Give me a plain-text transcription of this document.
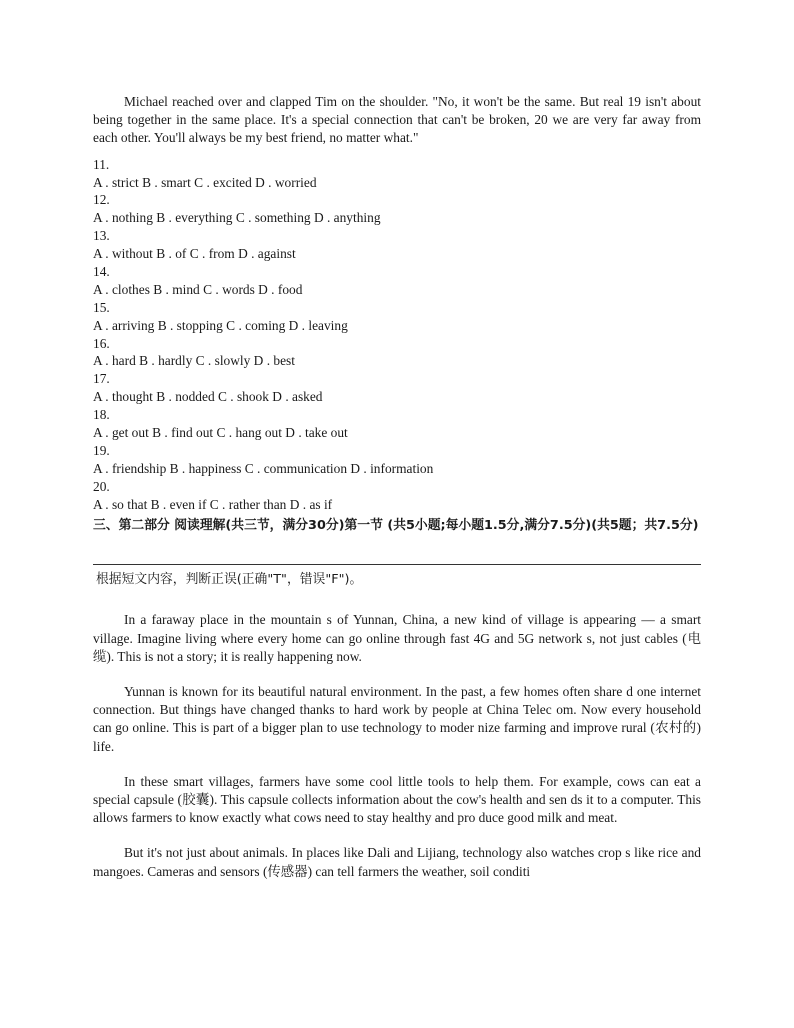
Michael reached over and clapped Tim on the shoulder. "No, it won't be the same. But real 19 isn't about being together in the same place. It's a special connection that can't be broken, 20 we are very far away from each other. You'll always be my best friend, no matter what."

11.
A . strict B . smart C . excited D . worried
12.
A . nothing B . everything C . something D . anything
13.
A . without B . of C . from D . against
14.
A . clothes B . mind C . words D . food
15.
A . arriving B . stopping C . coming D . leaving
16.
A . hard B . hardly C . slowly D . best
17.
A . thought B . nodded C . shook D . asked
18.
A . get out B . find out C . hang out D . take out
19.
A . friendship B . happiness C . communication D . information
20.
A . so that B . even if C . rather than D . as if

三、第二部分 阅读理解(共三节，满分30分)第一节 (共5小题;每小题1.5分,满分7.5分)(共5题；共7.5分)

根据短文内容，判断正误(正确"T"，错误"F")。

In a faraway place in the mountain s of Yunnan, China, a new kind of village is appearing — a smart village. Imagine living where every home can go online through fast 4G and 5G network s, not just cables (电缆). This is not a story; it is really happening now.

Yunnan is known for its beautiful natural environment. In the past, a few homes often share d one internet connection. But things have changed thanks to hard work by people at China Telec om. Now every household can go online. This is part of a bigger plan to use technology to moder nize farming and improve rural (农村的) life.

In these smart villages, farmers have some cool little tools to help them. For example, cows can eat a special capsule (胶囊). This capsule collects information about the cow's health and sen ds it to a computer. This allows farmers to know exactly what cows need to stay healthy and pro duce good milk and meat.

But it's not just about animals. In places like Dali and Lijiang, technology also watches crop s like rice and mangoes. Cameras and sensors (传感器) can tell farmers the weather, soil conditi
